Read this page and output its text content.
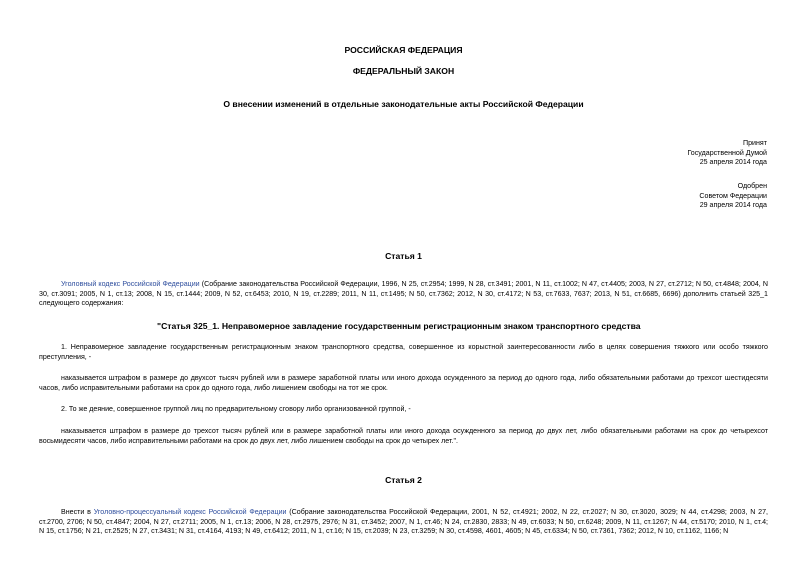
РОССИЙСКАЯ ФЕДЕРАЦИЯ
ФЕДЕРАЛЬНЫЙ ЗАКОН
О внесении изменений в отдельные законодательные акты Российской Федерации
Принят
Государственной Думой
25 апреля 2014 года
Одобрен
Советом Федерации
29 апреля 2014 года
Статья 1
Уголовный кодекс Российской Федерации (Собрание законодательства Российской Федерации, 1996, N 25, ст.2954; 1999, N 28, ст.3491; 2001, N 11, ст.1002; N 47, ст.4405; 2003, N 27, ст.2712; N 50, ст.4848; 2004, N 30, ст.3091; 2005, N 1, ст.13; 2008, N 15, ст.1444; 2009, N 52, ст.6453; 2010, N 19, ст.2289; 2011, N 11, ст.1495; N 50, ст.7362; 2012, N 30, ст.4172; N 53, ст.7633, 7637; 2013, N 51, ст.6685, 6696) дополнить статьей 325_1 следующего содержания:
"Статья 325_1. Неправомерное завладение государственным регистрационным знаком транспортного средства
1. Неправомерное завладение государственным регистрационным знаком транспортного средства, совершенное из корыстной заинтересованности либо в целях совершения тяжкого или особо тяжкого преступления, -
наказывается штрафом в размере до двухсот тысяч рублей или в размере заработной платы или иного дохода осужденного за период до одного года, либо обязательными работами до трехсот шестидесяти часов, либо исправительными работами на срок до одного года, либо лишением свободы на тот же срок.
2. То же деяние, совершенное группой лиц по предварительному сговору либо организованной группой, -
наказывается штрафом в размере до трехсот тысяч рублей или в размере заработной платы или иного дохода осужденного за период до двух лет, либо обязательными работами на срок до четырехсот восьмидесяти часов, либо исправительными работами на срок до двух лет, либо лишением свободы на срок до четырех лет.".
Статья 2
Внести в Уголовно-процессуальный кодекс Российской Федерации (Собрание законодательства Российской Федерации, 2001, N 52, ст.4921; 2002, N 22, ст.2027; N 30, ст.3020, 3029; N 44, ст.4298; 2003, N 27, ст.2700, 2706; N 50, ст.4847; 2004, N 27, ст.2711; 2005, N 1, ст.13; 2006, N 28, ст.2975, 2976; N 31, ст.3452; 2007, N 1, ст.46; N 24, ст.2830, 2833; N 49, ст.6033; N 50, ст.6248; 2009, N 11, ст.1267; N 44, ст.5170; 2010, N 1, ст.4; N 15, ст.1756; N 21, ст.2525; N 27, ст.3431; N 31, ст.4164, 4193; N 49, ст.6412; 2011, N 1, ст.16; N 15, ст.2039; N 23, ст.3259; N 30, ст.4598, 4601, 4605; N 45, ст.6334; N 50, ст.7361, 7362; 2012, N 10, ст.1162, 1166; N
